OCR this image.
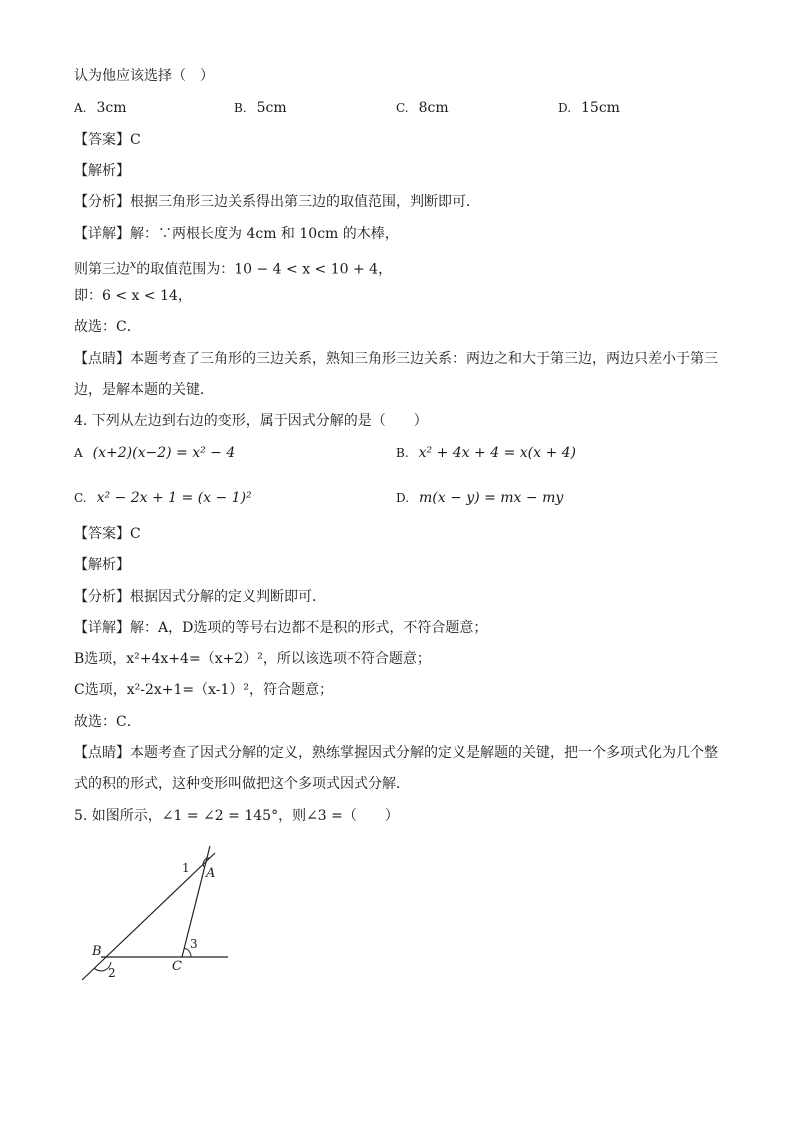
认为他应该选择（　）
A. 3cm	B. 5cm	C. 8cm	D. 15cm
【答案】C
【解析】
【分析】根据三角形三边关系得出第三边的取值范围，判断即可．
【详解】解：∵两根长度为 4cm 和 10cm 的木棒，
则第三边$^x$的取值范围为：10 − 4 < x < 10 + 4，
即：6 < x < 14，
故选：C．
【点睛】本题考查了三角形的三边关系，熟知三角形三边关系：两边之和大于第三边，两边只差小于第三
边，是解本题的关键．
4. 下列从左边到右边的变形，属于因式分解的是（　　）
A (x+2)(x−2) = x² − 4	B. x² + 4x + 4 = x(x + 4)
C. x² − 2x + 1 = (x − 1)²	D. m(x − y) = mx − my
【答案】C
【解析】
【分析】根据因式分解的定义判断即可．
【详解】解：A，D选项的等号右边都不是积的形式，不符合题意；
B选项，x²+4x+4=（x+2）²，所以该选项不符合题意；
C选项，x²-2x+1=（x-1）²，符合题意；
故选：C．
【点睛】本题考查了因式分解的定义，熟练掌握因式分解的定义是解题的关键，把一个多项式化为几个整
式的积的形式，这种变形叫做把这个多项式因式分解．
5. 如图所示，∠1 = ∠2 = 145°，则∠3 =（　　）
A
B
C
1
2
3
